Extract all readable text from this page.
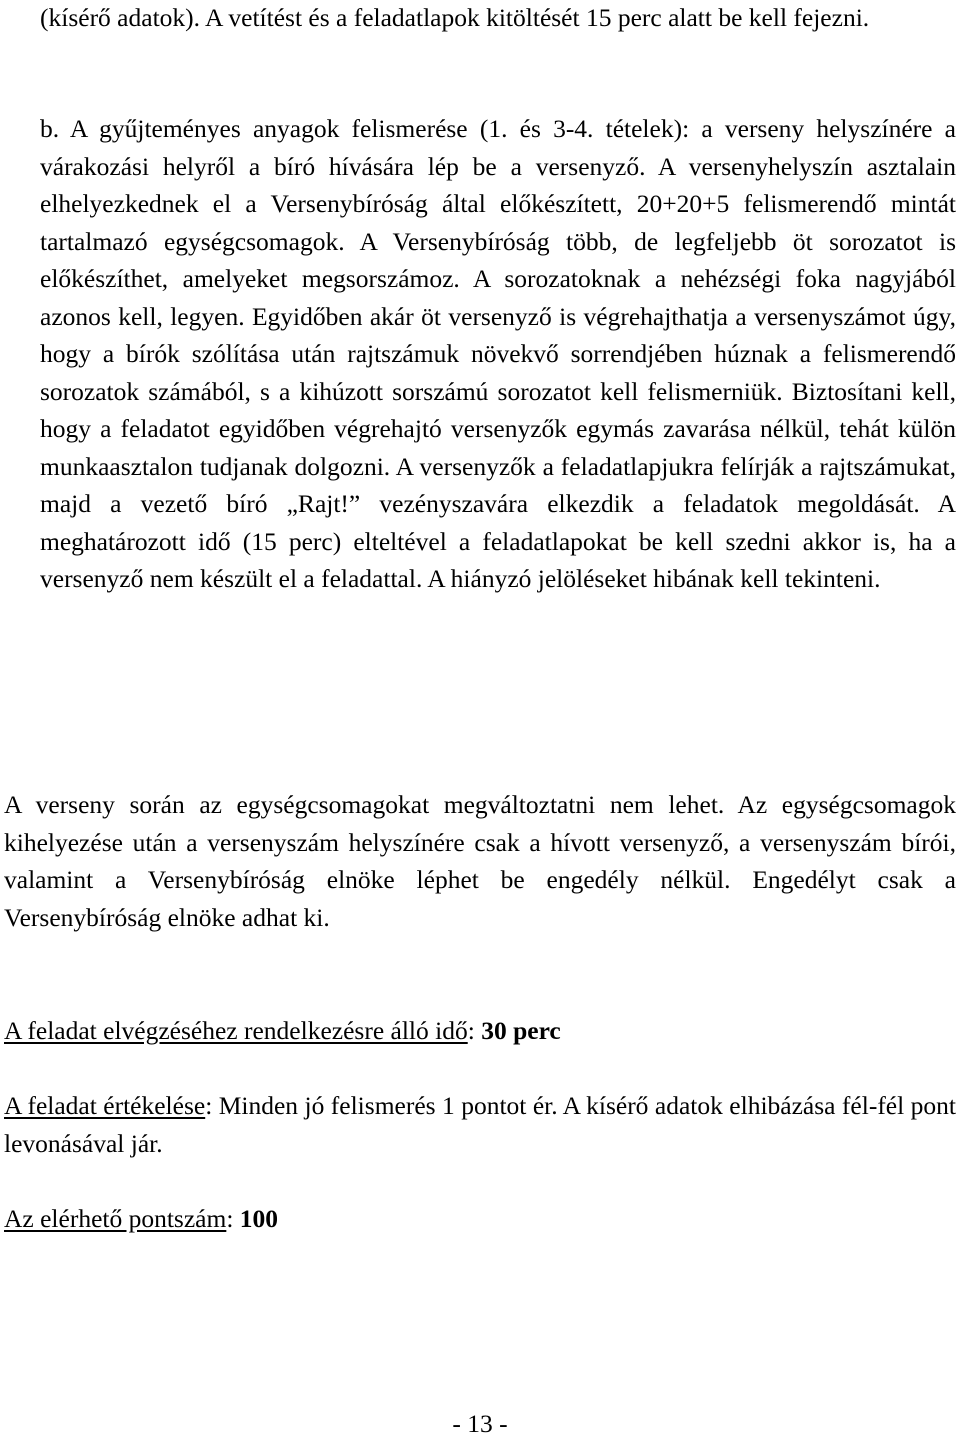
(kísérő adatok). A vetítést és a feladatlapok kitöltését 15 perc alatt be kell fejezni.

b. A gyűjteményes anyagok felismerése (1. és 3-4. tételek): a verseny helyszínére a várakozási helyről a bíró hívására lép be a versenyző. A versenyhelyszín asztalain elhelyezkednek el a Versenybíróság által előkészített, 20+20+5 felismerendő mintát tartalmazó egységcsomagok. A Versenybíróság több, de legfeljebb öt sorozatot is előkészíthet, amelyeket megsorszámoz. A sorozatoknak a nehézségi foka nagyjából azonos kell, legyen. Egyidőben akár öt versenyző is végrehajthatja a versenyszámot úgy, hogy a bírók szólítása után rajtszámuk növekvő sorrendjében húznak a felismerendő sorozatok számából, s a kihúzott sorszámú sorozatot kell felismerniük. Biztosítani kell, hogy a feladatot egyidőben végrehajtó versenyzők egymás zavarása nélkül, tehát külön munkaasztalon tudjanak dolgozni. A versenyzők a feladatlapjukra felírják a rajtszámukat, majd a vezető bíró „Rajt!” vezényszavára elkezdik a feladatok megoldását. A meghatározott idő (15 perc) elteltével a feladatlapokat be kell szedni akkor is, ha a versenyző nem készült el a feladattal. A hiányzó jelöléseket hibának kell tekinteni.

A verseny során az egységcsomagokat megváltoztatni nem lehet. Az egységcsomagok kihelyezése után a versenyszám helyszínére csak a hívott versenyző, a versenyszám bírói, valamint a Versenybíróság elnöke léphet be engedély nélkül. Engedélyt csak a Versenybíróság elnöke adhat ki.

A feladat elvégzéséhez rendelkezésre álló idő: 30 perc

A feladat értékelése: Minden jó felismerés 1 pontot ér. A kísérő adatok elhibázása fél-fél pont levonásával jár.

Az elérhető pontszám: 100

- 13 -
